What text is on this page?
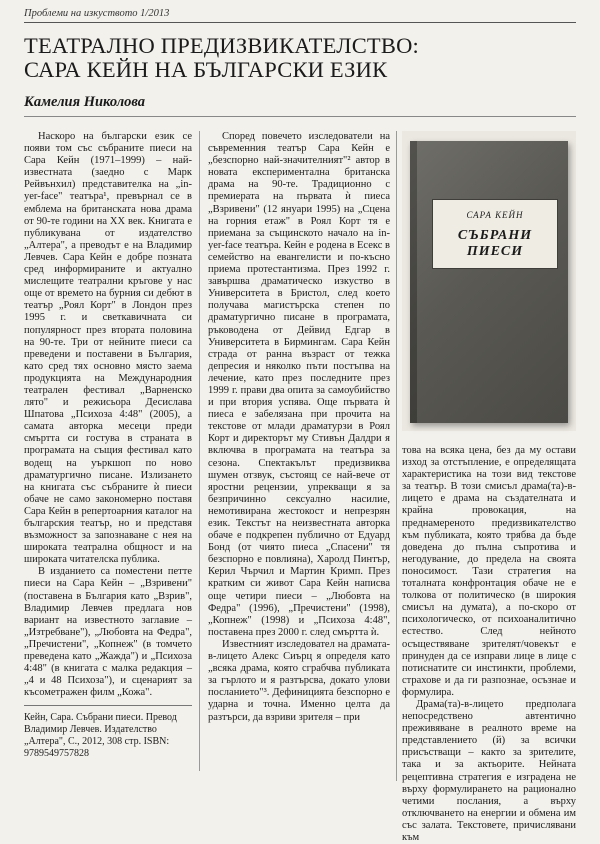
Проблеми на изкуството 1/2013
ТЕАТРАЛНО ПРЕДИЗВИКАТЕЛСТВО:
САРА КЕЙН НА БЪЛГАРСКИ ЕЗИК
Камелия Николова

Наскоро на български език се появи том със събраните пиеси на Сара Кейн (1971–1999) – най-известната (заедно с Марк Рейвънхил) представителка на „in-yer-face" театъра¹, превърнал се в емблема на британската нова драма от 90-те години на ХХ век. Книгата е публикувана от издателство „Алтера", а преводът е на Владимир Левчев. Сара Кейн е добре позната сред информираните и актуално мислещите театрални кръгове у нас още от времето на бурния си дебют в театър „Роял Корт" в Лондон през 1995 г. и светкавичната си популярност през втората половина на 90-те. Три от нейните пиеси са преведени и поставени в България, като сред тях основно място заема продукцията на Международния театрален фестивал „Варненско лято" и режисьора Десислава Шпатова „Психоза 4:48" (2005), а самата авторка месеци преди смъртта си гостува в страната в програмата на същия фестивал като водещ на уъркшоп по ново драматургично писане. Излизането на книгата със събраните ѝ пиеси обаче не само закономерно поставя Сара Кейн в репертоарния каталог на българския театър, но и представя възможност за запознаване с нея на широката театрална общност и на широката читателска публика.

В изданието са поместени петте пиеси на Сара Кейн – „Взривени" (поставена в България като „Взрив", Владимир Левчев предлага нов вариант на известното заглавие – „Изтребване"), „Любовта на Федра", „Пречистени", „Копнеж" (в томчето преведена като „Жажда") и „Психоза 4:48" (в книгата с малка редакция – „4 и 48 Психоза"), и сценарият за късометражен филм „Кожа".

Според повечето изследователи на съвременния театър Сара Кейн е „безспорно най-значителният"² автор в новата експериментална британска драма на 90-те. Традиционно с премиерата на първата ѝ пиеса „Взривени" (12 януари 1995) на „Сцена на горния етаж" в Роял Корт тя е приемана за същинското начало на in-yer-face театъра. Кейн е родена в Есекс в семейство на евангелисти и по-късно приема протестантизма. През 1992 г. завършва драматическо изкуство в Университета в Бристол, след което получава магистърска степен по драматургично писане в програмата, ръководена от Дейвид Едгар в Университета в Бирмингам. Сара Кейн страда от ранна възраст от тежка депресия и няколко пъти постъпва на лечение, като през последните през 1999 г. прави два опита за самоубийство и при втория успява. Още първата ѝ пиеса е забелязана при прочита на текстове от млади драматурзи в Роял Корт и директорът му Стивън Далдри я включва в програмата на театъра за сезона. Спектакълът предизвиква шумен отзвук, състоящ се най-вече от яростни рецензии, упрекващи я за безпричинно сексуално насилие, немотивирана жестокост и непрезрян език. Текстът на неизвестната авторка обаче е подкрепен публично от Едуард Бонд (от чиято пиеса „Спасени" тя безспорно е повлияна), Харолд Пинтър, Керил Чърчил и Мартин Кримп. През кратким си живот Сара Кейн написва още четири пиеси – „Любовта на Федра" (1996), „Пречистени" (1998), „Копнеж" (1998) и „Психоза 4:48", поставена през 2000 г. след смъртта ѝ.

Известният изследовател на драмата-в-лицето Алекс Сиърц я определя като „всяка драма, която сграбчва публиката за гърлото и я разтърсва, докато улови посланието"³. Дефиницията безспорно е ударна и точна. Именно целта да разтърси, да взриви зрителя – при

САРА КЕЙН
СЪБРАНИ ПИЕСИ

това на всяка цена, без да му остави изход за отстъпление, е определящата характеристика на този вид текстове за театър. В този смисъл драма(та)-в-лицето е драма на създателната и крайна провокация, на преднамереното предизвикателство към публиката, която трябва да бъде доведена до пълна съпротива и негодувание, до предела на своята поносимост. Тази стратегия на тоталната конфронтация обаче не е толкова от политическо (в широкия смисъл на думата), а по-скоро от психологическо, от психоаналитично естество. След нейното осъществяване зрителят/човекът е принуден да се изправи лице в лице с потиснатите си инстинкти, проблеми, страхове и да ги разпознае, осъзнае и формулира.

Драма(та)-в-лицето предполага непосредствено автентично преживяване в реалното време на представлението (й) за всички присъстващи – както за зрителите, така и за актьорите. Нейната рецептивна стратегия е изградена не върху формулирането на рационално четими послания, а върху отключването на енергии и обмена им със залата. Текстовете, причислявани към

Кейн, Сара. Събрани пиеси. Превод Владимир Левчев. Издателство „Алтера", С., 2012, 308 стр. ISBN: 9789549757828
